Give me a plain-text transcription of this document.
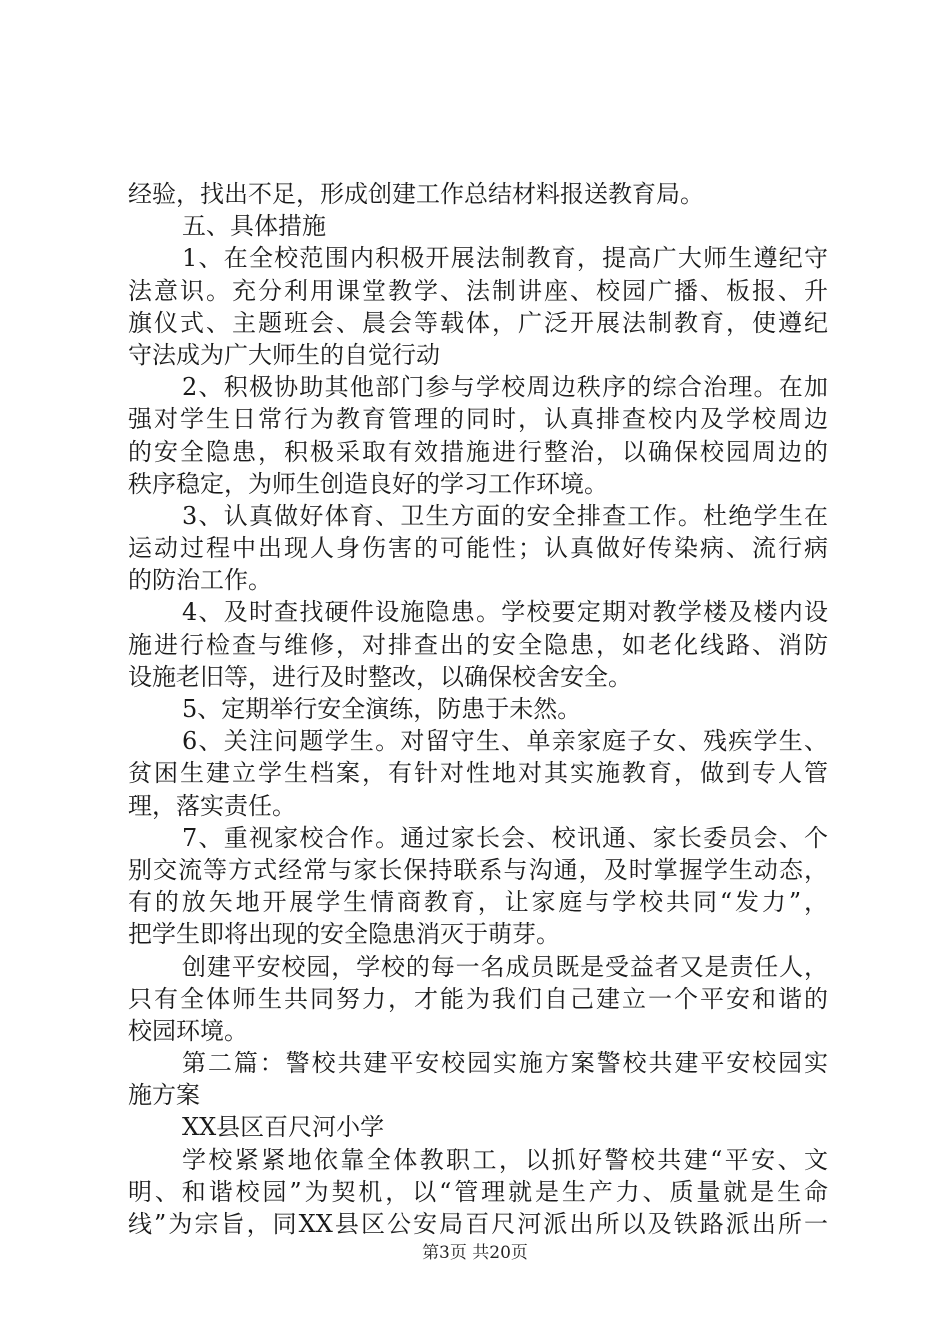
经验，找出不足，形成创建工作总结材料报送教育局。
五、具体措施
1、在全校范围内积极开展法制教育，提高广大师生遵纪守
法意识。充分利用课堂教学、法制讲座、校园广播、板报、升
旗仪式、主题班会、晨会等载体，广泛开展法制教育，使遵纪
守法成为广大师生的自觉行动
2、积极协助其他部门参与学校周边秩序的综合治理。在加
强对学生日常行为教育管理的同时，认真排查校内及学校周边
的安全隐患，积极采取有效措施进行整治，以确保校园周边的
秩序稳定，为师生创造良好的学习工作环境。
3、认真做好体育、卫生方面的安全排查工作。杜绝学生在
运动过程中出现人身伤害的可能性；认真做好传染病、流行病
的防治工作。
4、及时查找硬件设施隐患。学校要定期对教学楼及楼内设
施进行检查与维修，对排查出的安全隐患，如老化线路、消防
设施老旧等，进行及时整改，以确保校舍安全。
5、定期举行安全演练，防患于未然。
6、关注问题学生。对留守生、单亲家庭子女、残疾学生、
贫困生建立学生档案，有针对性地对其实施教育，做到专人管
理，落实责任。
7、重视家校合作。通过家长会、校讯通、家长委员会、个
别交流等方式经常与家长保持联系与沟通，及时掌握学生动态，
有的放矢地开展学生情商教育，让家庭与学校共同“发力”，
把学生即将出现的安全隐患消灭于萌芽。
创建平安校园，学校的每一名成员既是受益者又是责任人，
只有全体师生共同努力，才能为我们自己建立一个平安和谐的
校园环境。
第二篇：警校共建平安校园实施方案警校共建平安校园实
施方案
XX县区百尺河小学
学校紧紧地依靠全体教职工，以抓好警校共建“平安、文
明、和谐校园”为契机，以“管理就是生产力、质量就是生命
线”为宗旨，同XX县区公安局百尺河派出所以及铁路派出所一
第3页 共20页
